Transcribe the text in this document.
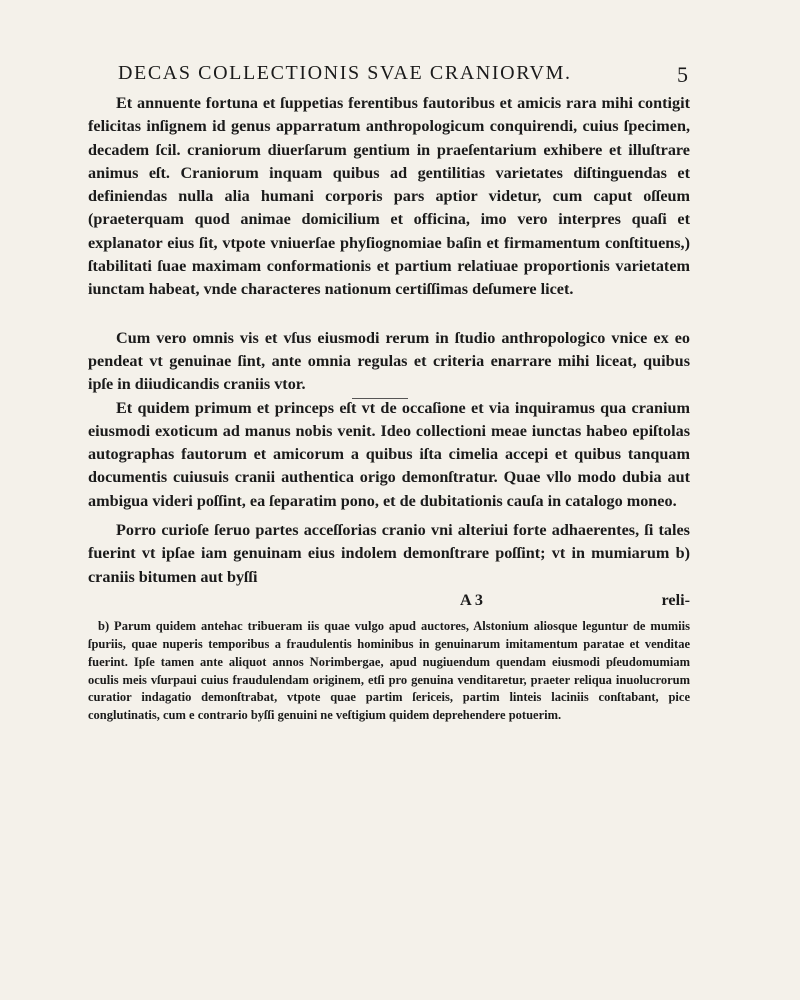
DECAS COLLECTIONIS SVAE CRANIORVM.	5

Et annuente fortuna et ſuppetias ferentibus fautoribus et amicis rara mihi contigit felicitas inſignem id genus apparratum anthropologicum conquirendi, cuius ſpecimen, decadem ſcil. craniorum diuerſarum gentium in praeſentarium exhibere et illuſtrare animus eſt. Craniorum inquam quibus ad gentilitias varietates diſtinguendas et definiendas nulla alia humani corporis pars aptior videtur, cum caput oſſeum (praeterquam quod animae domicilium et officina, imo vero interpres quaſi et explanator eius ſit, vtpote vniuerſae phyſiognomiae baſin et firmamentum conſtituens,) ſtabilitati ſuae maximam conformationis et partium relatiuae proportionis varietatem iunctam habeat, vnde characteres nationum certiſſimas deſumere licet.

Cum vero omnis vis et vſus eiusmodi rerum in ſtudio anthropologico vnice ex eo pendeat vt genuinae ſint, ante omnia regulas et criteria enarrare mihi liceat, quibus ipſe in diiudicandis craniis vtor.

Et quidem primum et princeps eſt vt de occaſione et via inquiramus qua cranium eiusmodi exoticum ad manus nobis venit. Ideo collectioni meae iunctas habeo epiſtolas autographas fautorum et amicorum a quibus iſta cimelia accepi et quibus tanquam documentis cuiusuis cranii authentica origo demonſtratur. Quae vllo modo dubia aut ambigua videri poſſint, ea ſeparatim pono, et de dubitationis cauſa in catalogo moneo.

Porro curioſe ſeruo partes acceſſorias cranio vni alteriui forte adhaerentes, ſi tales fuerint vt ipſae iam genuinam eius indolem demonſtrare poſſint; vt in mumiarum b) craniis bitumen aut byſſi

A 3	reli-

b) Parum quidem antehac tribueram iis quae vulgo apud auctores, Alstonium aliosque leguntur de mumiis ſpuriis, quae nuperis temporibus a fraudulentis hominibus in genuinarum imitamentum paratae et venditae fuerint. Ipſe tamen ante aliquot annos Norimbergae, apud nugiuendum quendam eiusmodi pſeudomumiam oculis meis vſurpaui cuius fraudulendam originem, etſi pro genuina venditaretur, praeter reliqua inuolucrorum curatior indagatio demonſtrabat, vtpote quae partim ſericeis, partim linteis laciniis conſtabant, pice conglutinatis, cum e contrario byſſi genuini ne veſtigium quidem deprehendere potuerim.
